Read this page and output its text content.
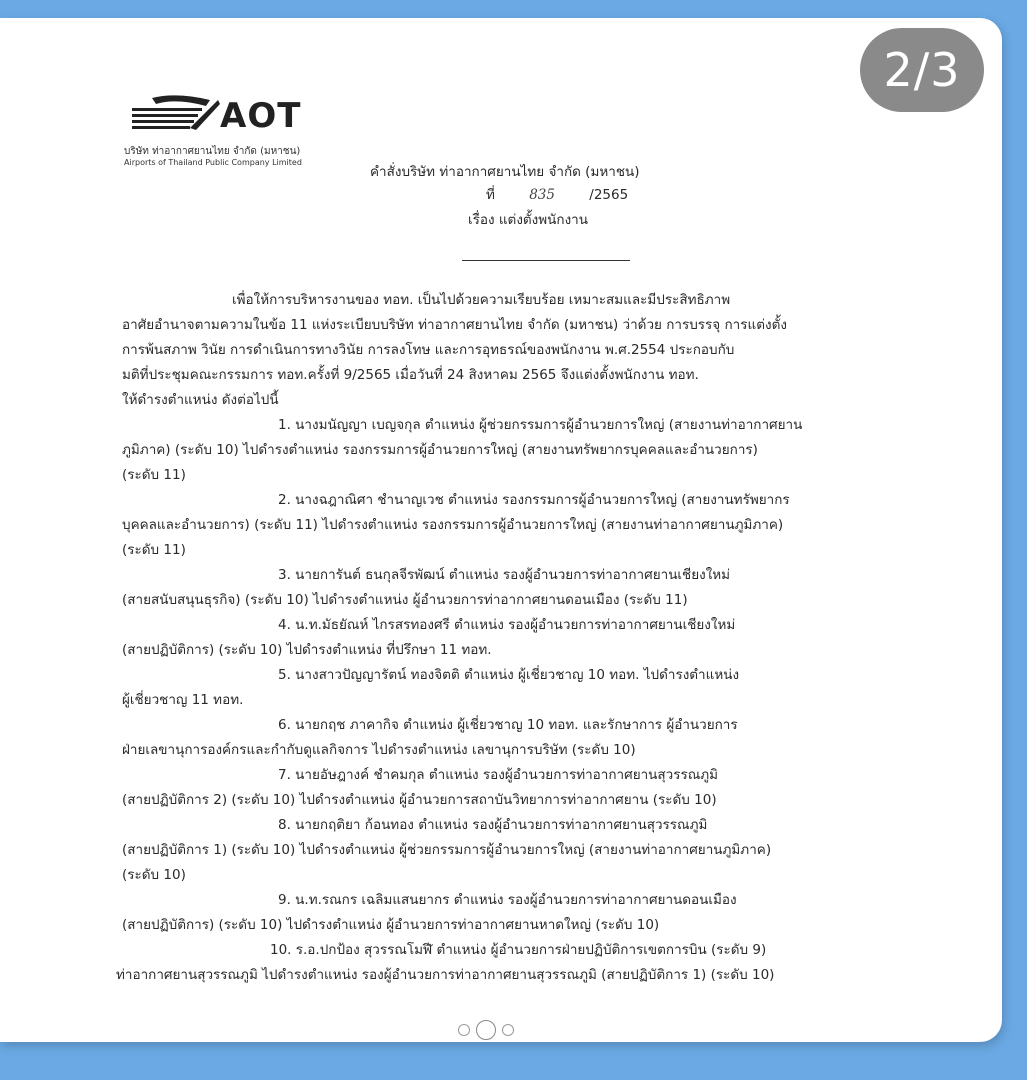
AOT
บริษัท ท่าอากาศยานไทย จำกัด (มหาชน)
Airports of Thailand Public Company Limited
คำสั่งบริษัท ท่าอากาศยานไทย จำกัด (มหาชน)
ที่	835	/2565
เรื่อง แต่งตั้งพนักงาน
เพื่อให้การบริหารงานของ ทอท. เป็นไปด้วยความเรียบร้อย เหมาะสมและมีประสิทธิภาพ
อาศัยอำนาจตามความในข้อ 11 แห่งระเบียบบริษัท ท่าอากาศยานไทย จำกัด (มหาชน) ว่าด้วย การบรรจุ การแต่งตั้ง
การพ้นสภาพ วินัย การดำเนินการทางวินัย การลงโทษ และการอุทธรณ์ของพนักงาน พ.ศ.2554 ประกอบกับ
มติที่ประชุมคณะกรรมการ ทอท.ครั้งที่ 9/2565 เมื่อวันที่ 24 สิงหาคม 2565 จึงแต่งตั้งพนักงาน ทอท.
ให้ดำรงตำแหน่ง ดังต่อไปนี้
1. นางมนัญญา เบญจกุล ตำแหน่ง ผู้ช่วยกรรมการผู้อำนวยการใหญ่ (สายงานท่าอากาศยาน
ภูมิภาค) (ระดับ 10) ไปดำรงตำแหน่ง รองกรรมการผู้อำนวยการใหญ่ (สายงานทรัพยากรบุคคลและอำนวยการ)
(ระดับ 11)
2. นางฉฎาณิศา ชำนาญเวช ตำแหน่ง รองกรรมการผู้อำนวยการใหญ่ (สายงานทรัพยากร
บุคคลและอำนวยการ) (ระดับ 11) ไปดำรงตำแหน่ง รองกรรมการผู้อำนวยการใหญ่ (สายงานท่าอากาศยานภูมิภาค)
(ระดับ 11)
3. นายการันต์ ธนกุลจีรพัฒน์ ตำแหน่ง รองผู้อำนวยการท่าอากาศยานเชียงใหม่
(สายสนับสนุนธุรกิจ) (ระดับ 10) ไปดำรงตำแหน่ง ผู้อำนวยการท่าอากาศยานดอนเมือง (ระดับ 11)
4. น.ท.มัธยัณห์ ไกรสรทองศรี ตำแหน่ง รองผู้อำนวยการท่าอากาศยานเชียงใหม่
(สายปฏิบัติการ) (ระดับ 10) ไปดำรงตำแหน่ง ที่ปรึกษา 11 ทอท.
5. นางสาวปัญญารัตน์ ทองจิตติ ตำแหน่ง ผู้เชี่ยวชาญ 10 ทอท. ไปดำรงตำแหน่ง
ผู้เชี่ยวชาญ 11 ทอท.
6. นายกฤช ภาคากิจ ตำแหน่ง ผู้เชี่ยวชาญ 10 ทอท. และรักษาการ ผู้อำนวยการ
ฝ่ายเลขานุการองค์กรและกำกับดูแลกิจการ ไปดำรงตำแหน่ง เลขานุการบริษัท (ระดับ 10)
7. นายอัษฎางค์ ชำคมกุล ตำแหน่ง รองผู้อำนวยการท่าอากาศยานสุวรรณภูมิ
(สายปฏิบัติการ 2) (ระดับ 10) ไปดำรงตำแหน่ง ผู้อำนวยการสถาบันวิทยาการท่าอากาศยาน (ระดับ 10)
8. นายกฤติยา ก้อนทอง ตำแหน่ง รองผู้อำนวยการท่าอากาศยานสุวรรณภูมิ
(สายปฏิบัติการ 1) (ระดับ 10) ไปดำรงตำแหน่ง ผู้ช่วยกรรมการผู้อำนวยการใหญ่ (สายงานท่าอากาศยานภูมิภาค)
(ระดับ 10)
9. น.ท.รณกร เฉลิมแสนยากร ตำแหน่ง รองผู้อำนวยการท่าอากาศยานดอนเมือง
(สายปฏิบัติการ) (ระดับ 10) ไปดำรงตำแหน่ง ผู้อำนวยการท่าอากาศยานหาดใหญ่ (ระดับ 10)
10. ร.อ.ปกป้อง สุวรรณโมฬี ตำแหน่ง ผู้อำนวยการฝ่ายปฏิบัติการเขตการบิน (ระดับ 9)
ท่าอากาศยานสุวรรณภูมิ ไปดำรงตำแหน่ง รองผู้อำนวยการท่าอากาศยานสุวรรณภูมิ (สายปฏิบัติการ 1) (ระดับ 10)
2/3
